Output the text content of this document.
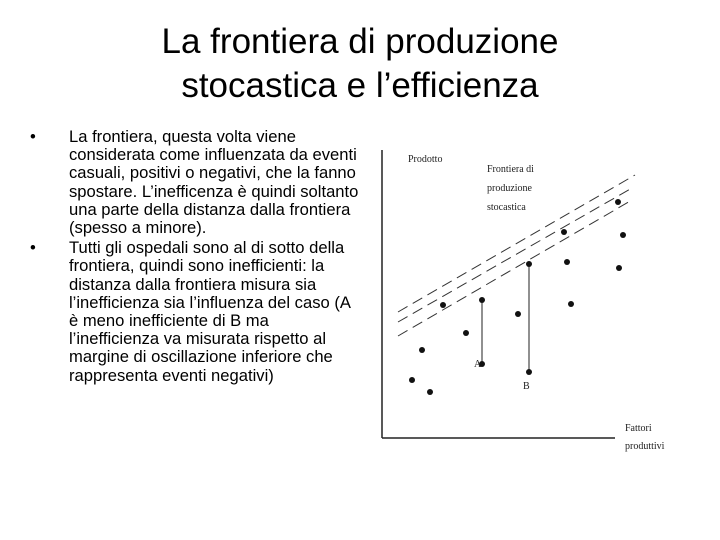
La frontiera di produzione
stocastica e l’efficienza
• La frontiera, questa volta viene considerata come influenzata da eventi casuali, positivi o negativi, che la fanno spostare. L’inefficenza è quindi soltanto una parte della distanza dalla frontiera (spesso a minore).
• Tutti gli ospedali sono al di sotto della frontiera, quindi sono inefficienti: la distanza dalla frontiera misura sia l’inefficienza sia l’influenza del caso (A è meno inefficiente di B ma l’inefficienza va misurata rispetto al margine di oscillazione inferiore che rappresenta eventi negativi)
Prodotto
Frontiera di
produzione
stocastica
A
B
Fattori
produttivi
